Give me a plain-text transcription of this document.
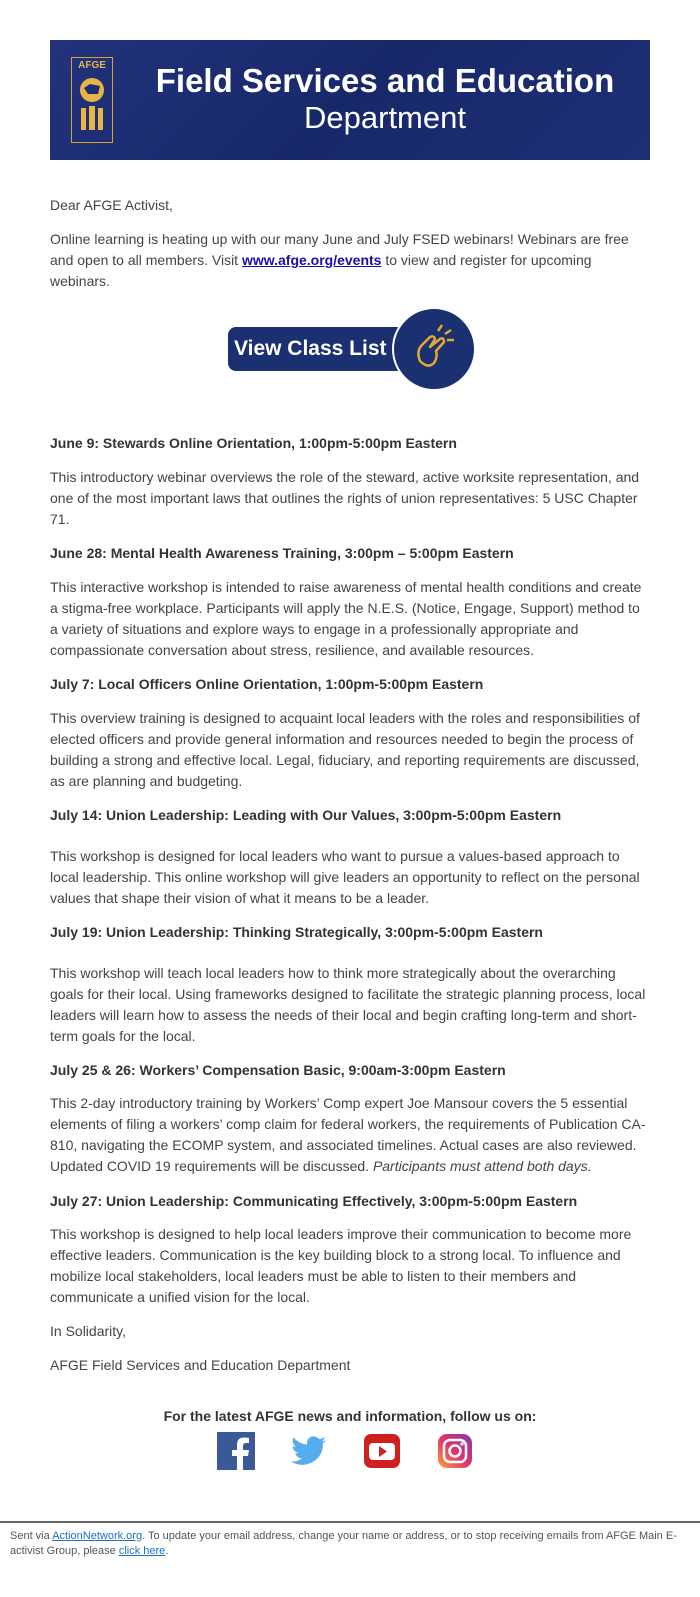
AFGE	Field Services and Education
Department

Dear AFGE Activist,

Online learning is heating up with our many June and July FSED webinars! Webinars are free and open to all members. Visit www.afge.org/events to view and register for upcoming webinars.

View Class List
June 9: Stewards Online Orientation, 1:00pm-5:00pm Eastern

This introductory webinar overviews the role of the steward, active worksite representation, and one of the most important laws that outlines the rights of union representatives: 5 USC Chapter 71.

June 28: Mental Health Awareness Training, 3:00pm – 5:00pm Eastern

This interactive workshop is intended to raise awareness of mental health conditions and create a stigma-free workplace. Participants will apply the N.E.S. (Notice, Engage, Support) method to a variety of situations and explore ways to engage in a professionally appropriate and compassionate conversation about stress, resilience, and available resources.

July 7: Local Officers Online Orientation, 1:00pm-5:00pm Eastern

This overview training is designed to acquaint local leaders with the roles and responsibilities of elected officers and provide general information and resources needed to begin the process of building a strong and effective local. Legal, fiduciary, and reporting requirements are discussed, as are planning and budgeting.

July 14: Union Leadership: Leading with Our Values, 3:00pm-5:00pm Eastern

This workshop is designed for local leaders who want to pursue a values-based approach to local leadership. This online workshop will give leaders an opportunity to reflect on the personal values that shape their vision of what it means to be a leader.

July 19: Union Leadership: Thinking Strategically, 3:00pm-5:00pm Eastern

This workshop will teach local leaders how to think more strategically about the overarching goals for their local. Using frameworks designed to facilitate the strategic planning process, local leaders will learn how to assess the needs of their local and begin crafting long-term and short-term goals for the local.

July 25 & 26: Workers’ Compensation Basic, 9:00am-3:00pm Eastern

This 2-day introductory training by Workers’ Comp expert Joe Mansour covers the 5 essential elements of filing a workers’ comp claim for federal workers, the requirements of Publication CA-810, navigating the ECOMP system, and associated timelines. Actual cases are also reviewed. Updated COVID 19 requirements will be discussed. Participants must attend both days.

July 27: Union Leadership: Communicating Effectively, 3:00pm-5:00pm Eastern

This workshop is designed to help local leaders improve their communication to become more effective leaders. Communication is the key building block to a strong local. To influence and mobilize local stakeholders, local leaders must be able to listen to their members and communicate a unified vision for the local.

In Solidarity,

AFGE Field Services and Education Department

For the latest AFGE news and information, follow us on:
Sent via ActionNetwork.org. To update your email address, change your name or address, or to stop receiving emails from AFGE Main E-activist Group, please click here.
